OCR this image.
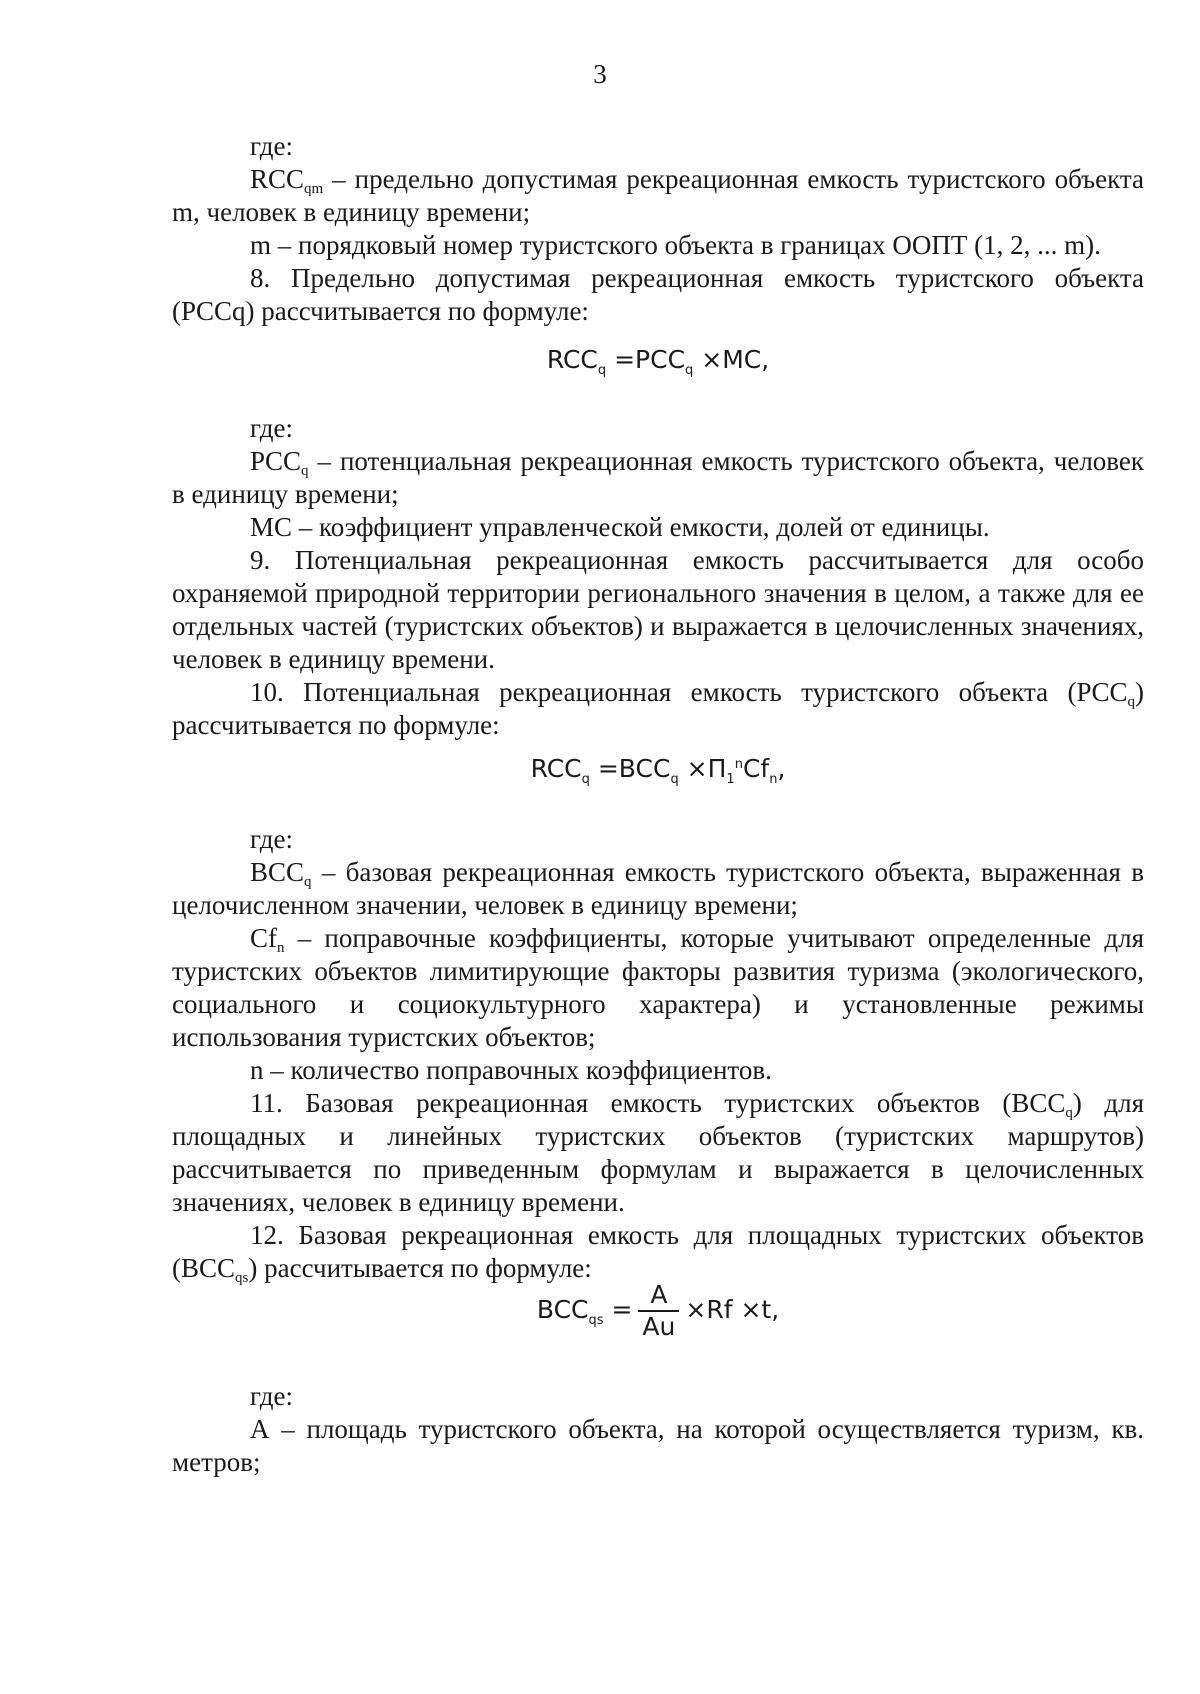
3

где:

$RCC_{qm}$ – предельно допустимая рекреационная емкость туристского объекта m, человек в единицу времени;

m – порядковый номер туристского объекта в границах ООПТ (1, 2, ... m).

8. Предельно допустимая рекреационная емкость туристского объекта (PCCq) рассчитывается по формуле:

$RCC_q =PCC_q \times MC$,

где:

$PCC_q$ – потенциальная рекреационная емкость туристского объекта, человек в единицу времени;

МС – коэффициент управленческой емкости, долей от единицы.

9. Потенциальная рекреационная емкость рассчитывается для особо охраняемой природной территории регионального значения в целом, а также для ее отдельных частей (туристских объектов) и выражается в целочисленных значениях, человек в единицу времени.

10. Потенциальная рекреационная емкость туристского объекта $(PCC_q)$ рассчитывается по формуле:

$RCC_q =BCC_q \times П_1^nCf_n$,

где:

$BCC_q$ – базовая рекреационная емкость туристского объекта, выраженная в целочисленном значении, человек в единицу времени;

$Cf_n$ – поправочные коэффициенты, которые учитывают определенные для туристских объектов лимитирующие факторы развития туризма (экологического, социального и социокультурного характера) и установленные режимы использования туристских объектов;

n – количество поправочных коэффициентов.

11. Базовая рекреационная емкость туристских объектов $(BCC_q)$ для площадных и линейных туристских объектов (туристских маршрутов) рассчитывается по приведенным формулам и выражается в целочисленных значениях, человек в единицу времени.

12. Базовая рекреационная емкость для площадных туристских объектов $(BCC_{qs})$ рассчитывается по формуле:

$BCC_{qs} = \frac{A}{Au} \times Rf \times t$,

где:

А – площадь туристского объекта, на которой осуществляется туризм, кв. метров;
